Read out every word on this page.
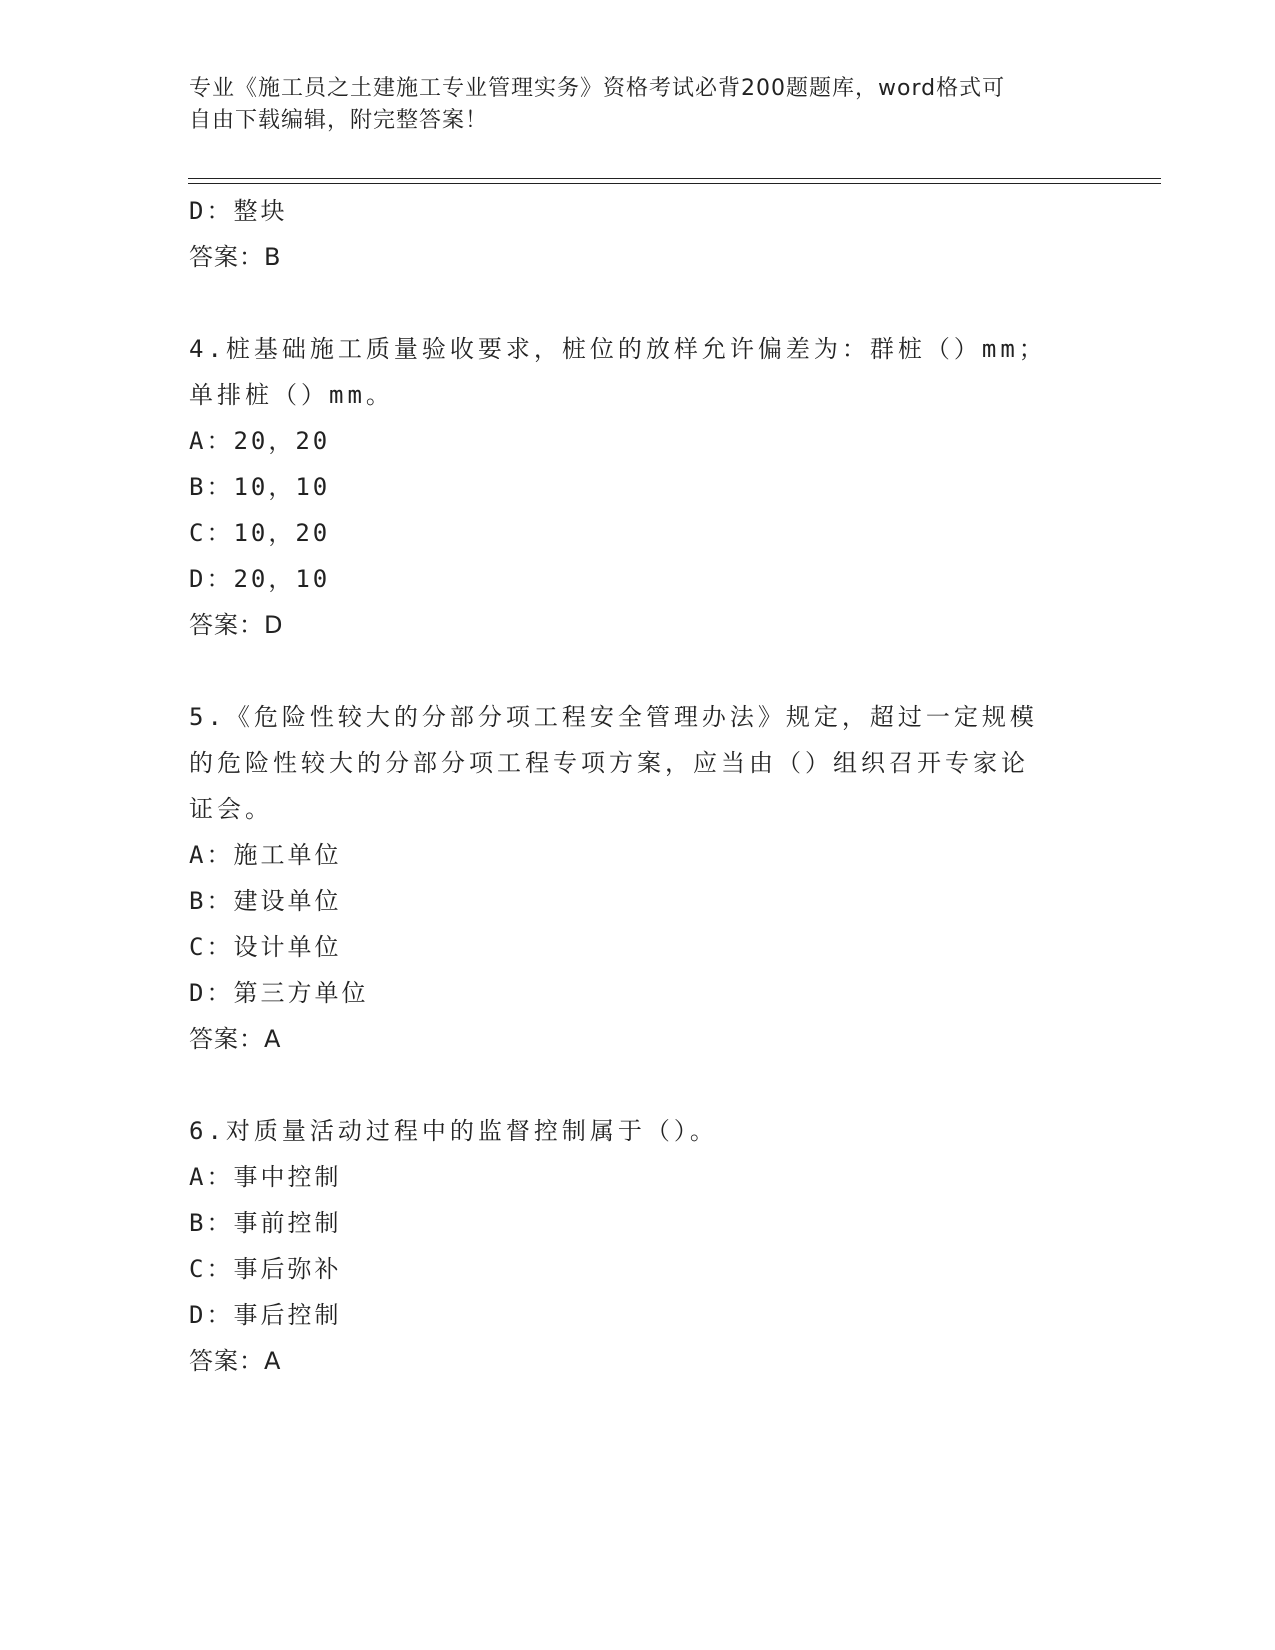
专业《施工员之土建施工专业管理实务》资格考试必背200题题库，word格式可
自由下载编辑，附完整答案！
D：整块
答案：B
4.桩基础施工质量验收要求，桩位的放样允许偏差为：群桩（）mm；
单排桩（）mm。
A：20，20
B：10，10
C：10，20
D：20，10
答案：D
5.《危险性较大的分部分项工程安全管理办法》规定，超过一定规模
的危险性较大的分部分项工程专项方案，应当由（）组织召开专家论
证会。
A：施工单位
B：建设单位
C：设计单位
D：第三方单位
答案：A
6.对质量活动过程中的监督控制属于（）。
A：事中控制
B：事前控制
C：事后弥补
D：事后控制
答案：A
